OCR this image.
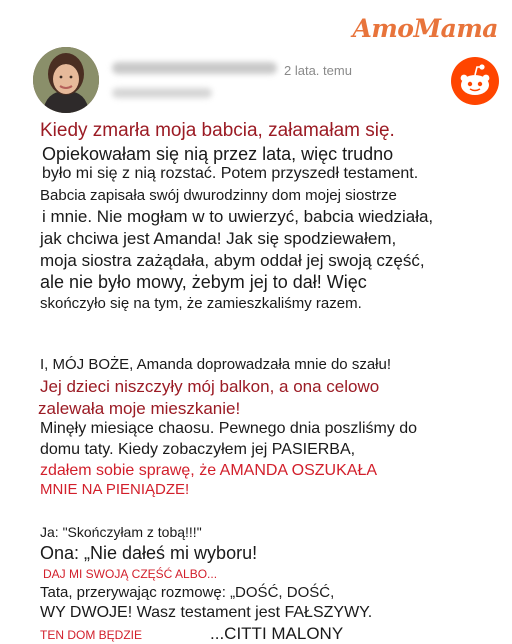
AmoMama
2 lata. temu
Kiedy zmarła moja babcia, załamałam się.
Opiekowałam się nią przez lata, więc trudno
było mi się z nią rozstać. Potem przyszedł testament.
Babcia zapisała swój dwurodzinny dom mojej siostrze
i mnie. Nie mogłam w to uwierzyć, babcia wiedziała,
jak chciwa jest Amanda! Jak się spodziewałem,
moja siostra zażądała, abym oddał jej swoją część,
ale nie było mowy, żebym jej to dał! Więc
skończyło się na tym, że zamieszkaliśmy razem.
I, MÓJ BOŻE, Amanda doprowadzała mnie do szału!
Jej dzieci niszczyły mój balkon, a ona celowo
zalewała moje mieszkanie!
Minęły miesiące chaosu. Pewnego dnia poszliśmy do
domu taty. Kiedy zobaczyłem jej PASIERBA,
zdałem sobie sprawę, że AMANDA OSZUKAŁA
MNIE NA PIENIĄDZE!
Ja: "Skończyłam z tobą!!!"
Ona: „Nie dałeś mi wyboru!
DAJ MI SWOJĄ CZĘŚĆ ALBO...
Tata, przerywając rozmowę: „DOŚĆ, DOŚĆ,
WY DWOJE! Wasz testament jest FAŁSZYWY.
TEN DOM BĘDZIE	...CITTI MALONY
